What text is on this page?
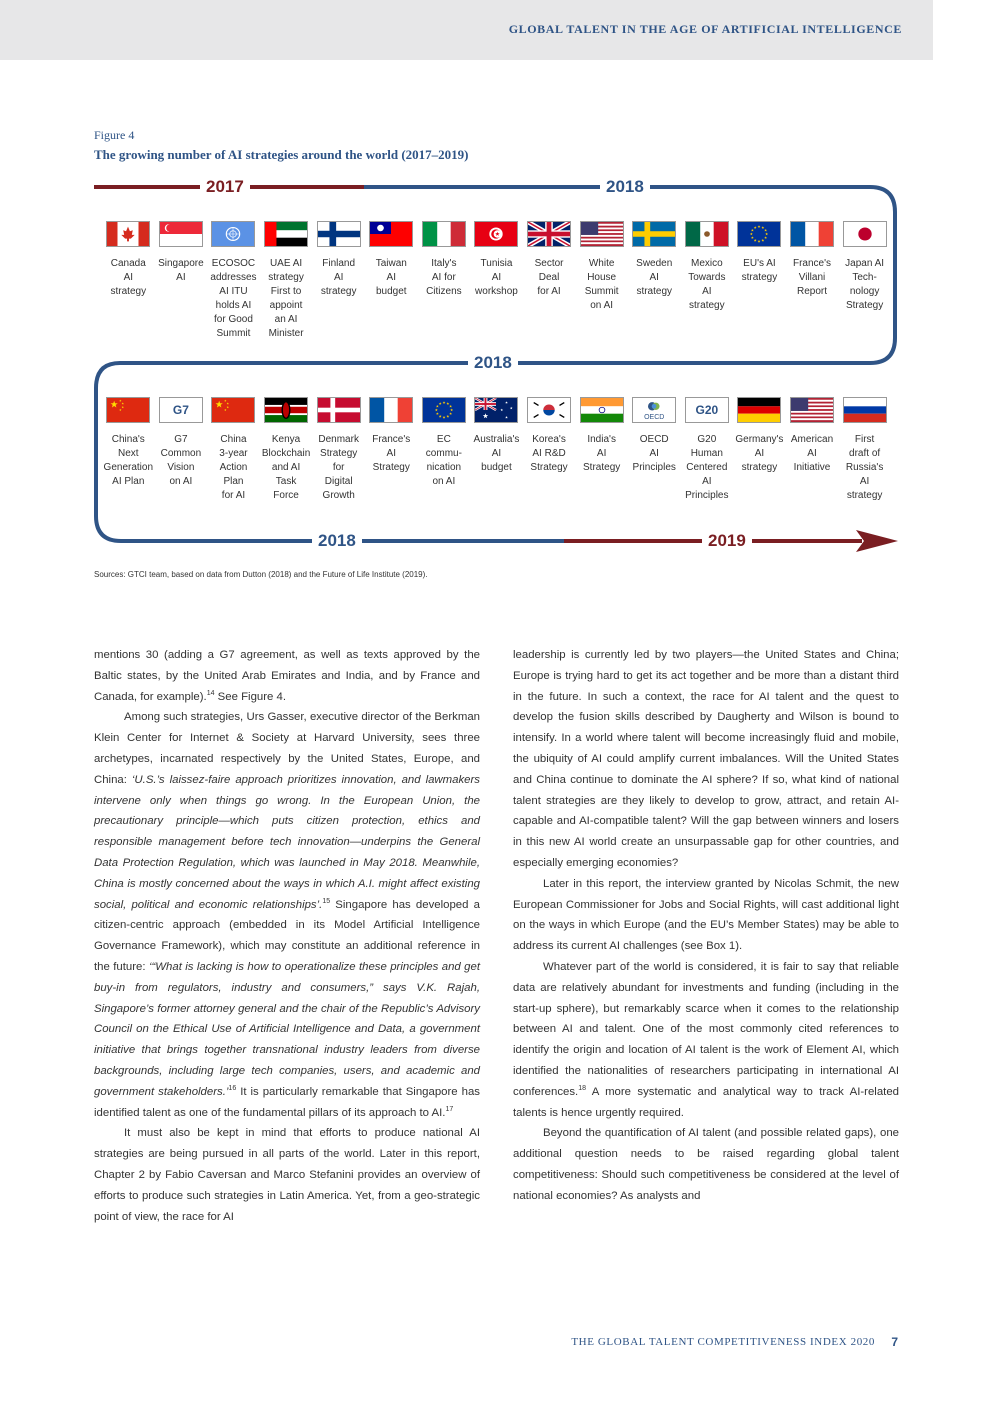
GLOBAL TALENT IN THE AGE OF ARTIFICIAL INTELLIGENCE
Figure 4
The growing number of AI strategies around the world (2017–2019)
2017	2018
2018
2018	2019
Canada
AI
strategy
Singapore
AI
ECOSOC
addresses
AI ITU
holds AI
for Good
Summit
UAE AI
strategy
First to
appoint
an AI
Minister
Finland
AI
strategy
Taiwan
AI
budget
Italy's
AI for
Citizens
Tunisia
AI
workshop
Sector
Deal
for AI
White
House
Summit
on AI
Sweden
AI
strategy
Mexico
Towards
AI
strategy
EU's AI
strategy
France's
Villani
Report
Japan AI
Tech-
nology
Strategy
China's
Next
Generation
AI Plan
G7
G7
Common
Vision
on AI
China
3-year
Action
Plan
for AI
Kenya
Blockchain
and AI
Task
Force
Denmark
Strategy
for
Digital
Growth
France's
AI
Strategy
EC
commu-
nication
on AI
Australia's
AI
budget
Korea's
AI R&D
Strategy
India's
AI
Strategy
OECD
OECD
AI
Principles
G20
G20
Human
Centered
AI
Principles
Germany's
AI
strategy
American
AI
Initiative
First
draft of
Russia's
AI
strategy
Sources: GTCI team, based on data from Dutton (2018) and the Future of Life Institute (2019).

mentions 30 (adding a G7 agreement, as well as texts approved by the Baltic states, by the United Arab Emirates and India, and by France and Canada, for example).$^{14}$ See Figure 4.

Among such strategies, Urs Gasser, executive director of the Berkman Klein Center for Internet & Society at Harvard University, sees three archetypes, incarnated respectively by the United States, Europe, and China: ‘U.S.’s laissez-faire approach prioritizes innovation, and lawmakers intervene only when things go wrong. In the European Union, the precautionary principle—which puts citizen protection, ethics and responsible management before tech innovation—underpins the General Data Protection Regulation, which was launched in May 2018. Meanwhile, China is mostly concerned about the ways in which A.I. might affect existing social, political and economic relationships’.$^{15}$ Singapore has developed a citizen-centric approach (embedded in its Model Artificial Intelligence Governance Framework), which may constitute an additional reference in the future: ‘“What is lacking is how to operationalize these principles and get buy-in from regulators, industry and consumers,” says V.K. Rajah, Singapore’s former attorney general and the chair of the Republic’s Advisory Council on the Ethical Use of Artificial Intelligence and Data, a government initiative that brings together transnational industry leaders from diverse backgrounds, including large tech companies, users, and academic and government stakeholders.’$^{16}$ It is particularly remarkable that Singapore has identified talent as one of the fundamental pillars of its approach to AI.$^{17}$

It must also be kept in mind that efforts to produce national AI strategies are being pursued in all parts of the world. Later in this report, Chapter 2 by Fabio Caversan and Marco Stefanini provides an overview of efforts to produce such strategies in Latin America. Yet, from a geo-strategic point of view, the race for AI

leadership is currently led by two players—the United States and China; Europe is trying hard to get its act together and be more than a distant third in the future. In such a context, the race for AI talent and the quest to develop the fusion skills described by Daugherty and Wilson is bound to intensify. In a world where talent will become increasingly fluid and mobile, the ubiquity of AI could amplify current imbalances. Will the United States and China continue to dominate the AI sphere? If so, what kind of national talent strategies are they likely to develop to grow, attract, and retain AI-capable and AI-compatible talent? Will the gap between winners and losers in this new AI world create an unsurpassable gap for other countries, and especially emerging economies?

Later in this report, the interview granted by Nicolas Schmit, the new European Commissioner for Jobs and Social Rights, will cast additional light on the ways in which Europe (and the EU’s Member States) may be able to address its current AI challenges (see Box 1).

Whatever part of the world is considered, it is fair to say that reliable data are relatively abundant for investments and funding (including in the start-up sphere), but remarkably scarce when it comes to the relationship between AI and talent. One of the most commonly cited references to identify the origin and location of AI talent is the work of Element AI, which identified the nationalities of researchers participating in international AI conferences.$^{18}$ A more systematic and analytical way to track AI-related talents is hence urgently required.

Beyond the quantification of AI talent (and possible related gaps), one additional question needs to be raised regarding global talent competitiveness: Should such competitiveness be considered at the level of national economies? As analysts and

THE GLOBAL TALENT COMPETITIVENESS INDEX 2020	7
